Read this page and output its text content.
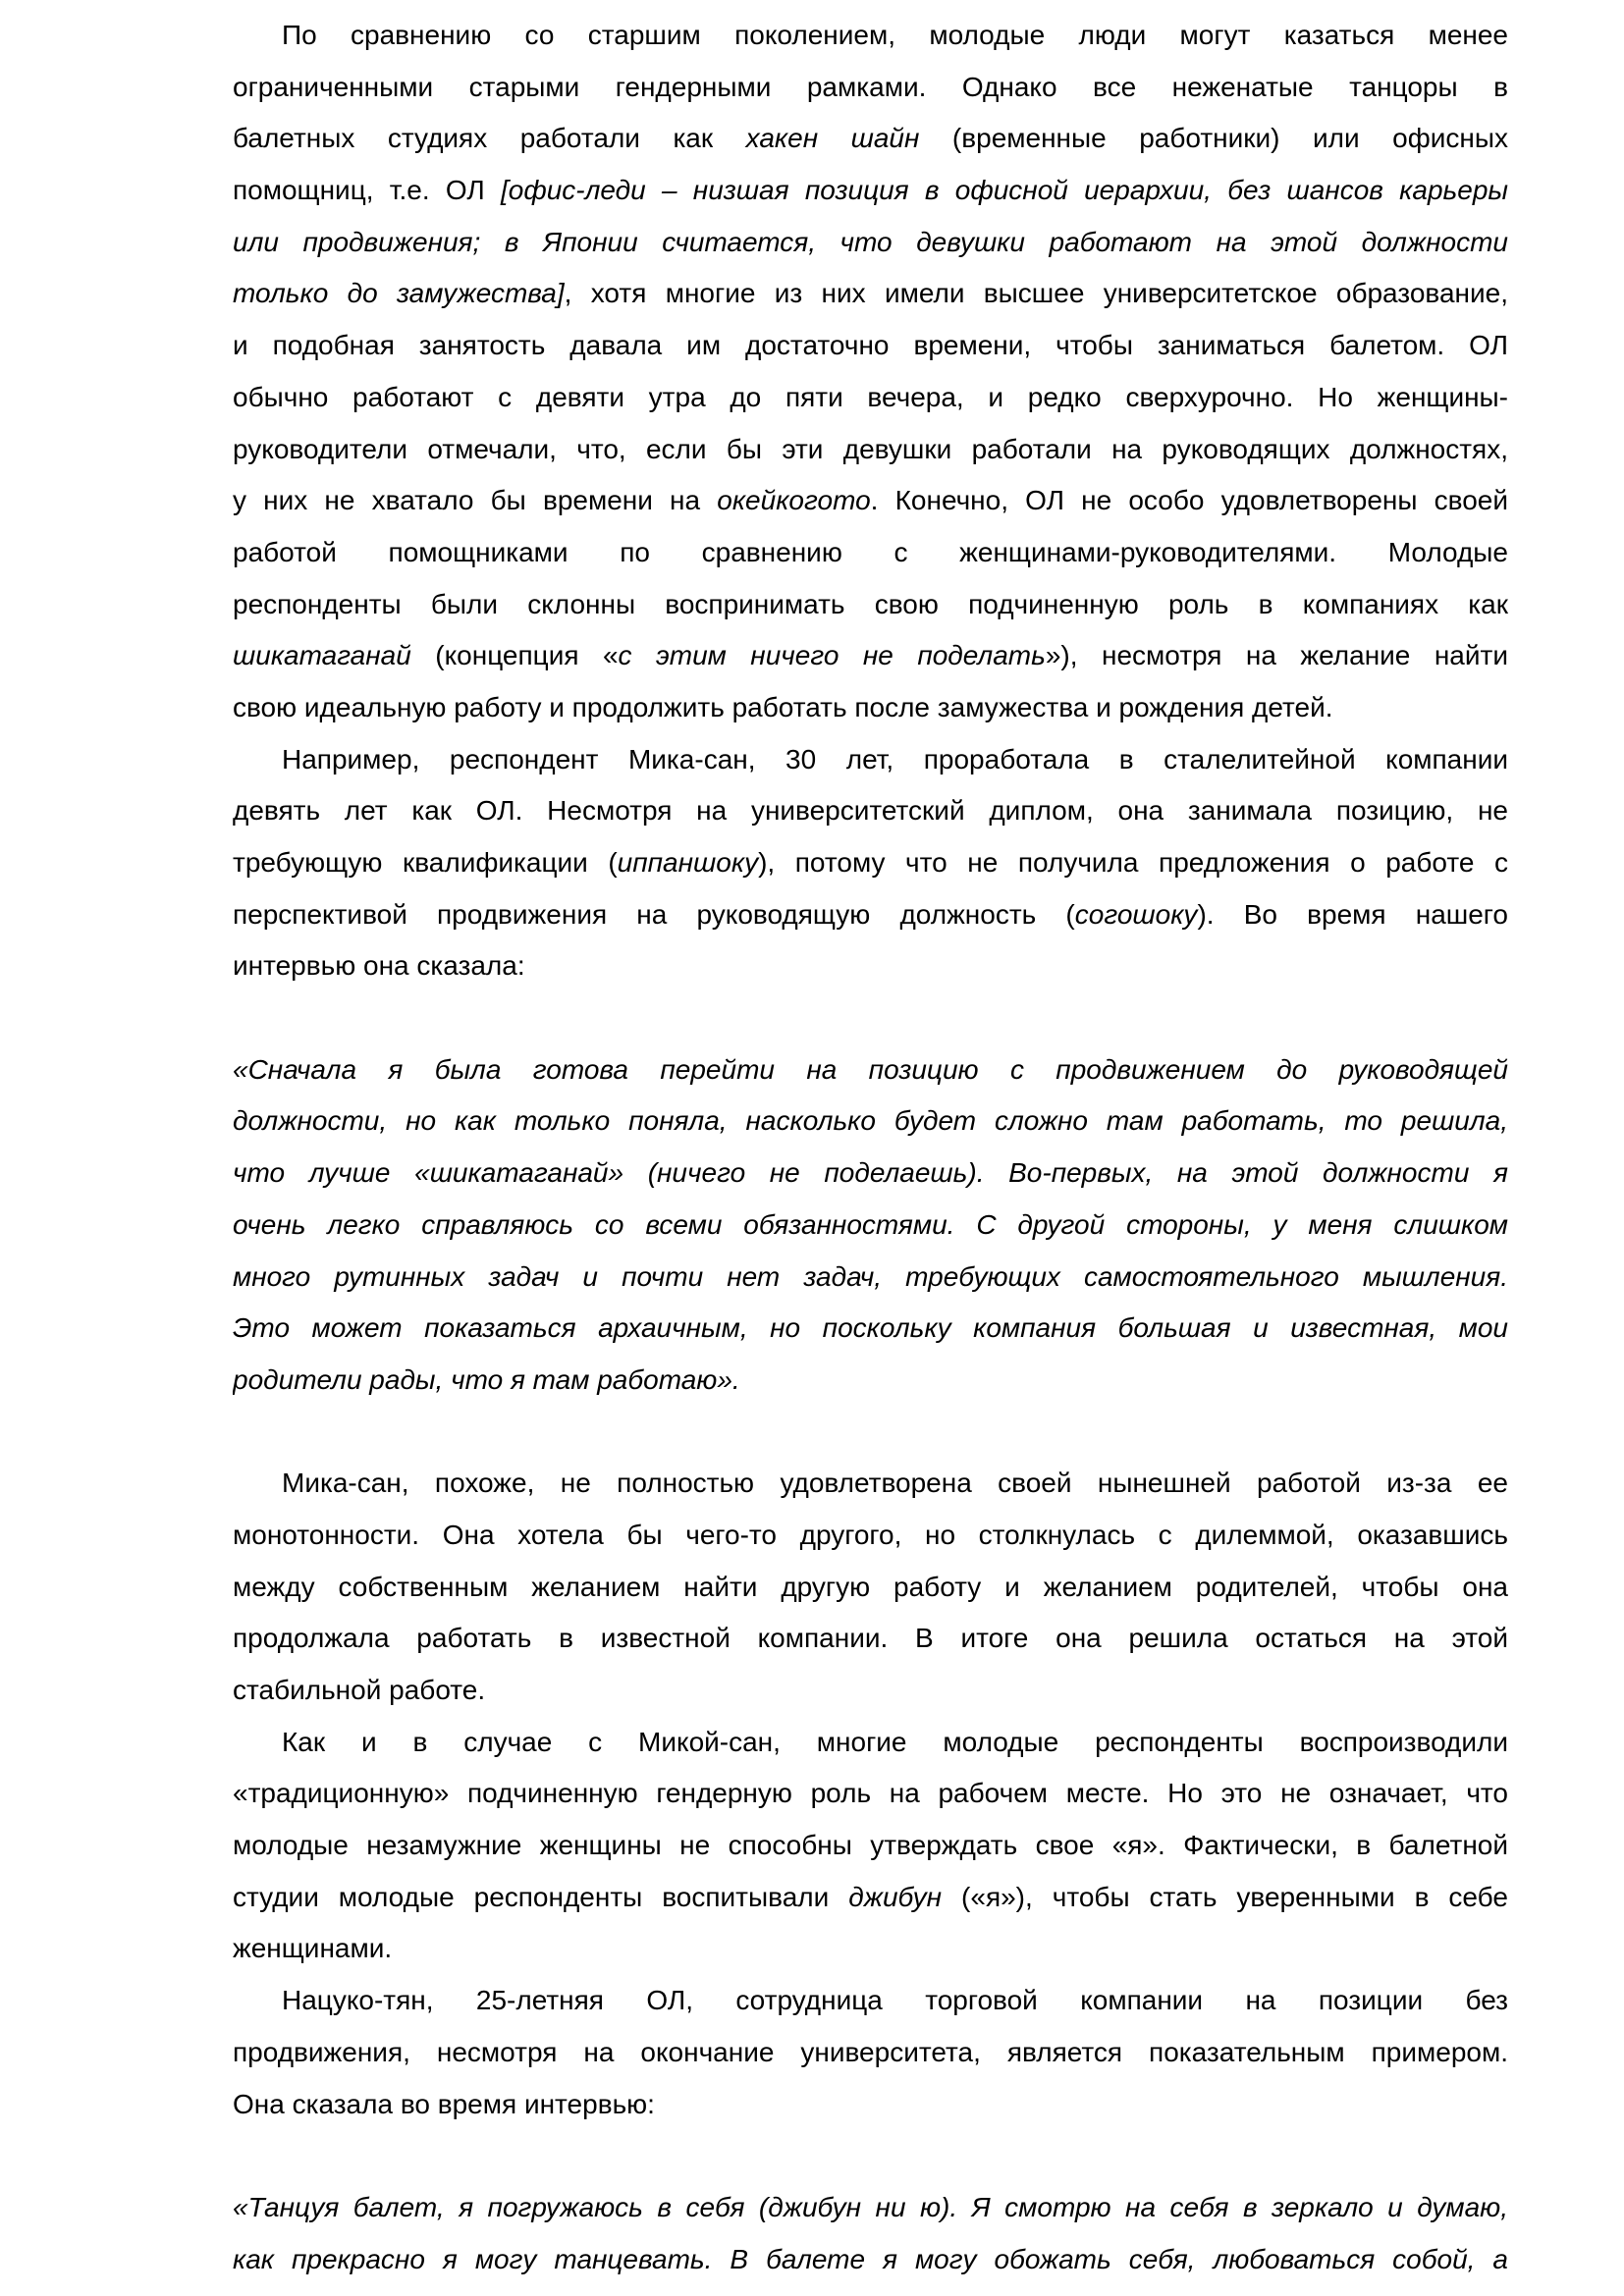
По сравнению со старшим поколением, молодые люди могут казаться менее
ограниченными старыми гендерными рамками. Однако все неженатые танцоры в
балетных студиях работали как хакен шайн (временные работники) или офисных
помощниц, т.е. ОЛ [офис-леди – низшая позиция в офисной иерархии, без шансов карьеры
или продвижения; в Японии считается, что девушки работают на этой должности
только до замужества], хотя многие из них имели высшее университетское образование,
и подобная занятость давала им достаточно времени, чтобы заниматься балетом. ОЛ
обычно работают с девяти утра до пяти вечера, и редко сверхурочно. Но женщины-
руководители отмечали, что, если бы эти девушки работали на руководящих должностях,
у них не хватало бы времени на окейкогото. Конечно, ОЛ не особо удовлетворены своей
работой помощниками по сравнению с женщинами-руководителями. Молодые
респонденты были склонны воспринимать свою подчиненную роль в компаниях как
шикатаганай (концепция «с этим ничего не поделать»), несмотря на желание найти
свою идеальную работу и продолжить работать после замужества и рождения детей.
Например, респондент Мика-сан, 30 лет, проработала в сталелитейной компании
девять лет как ОЛ. Несмотря на университетский диплом, она занимала позицию, не
требующую квалификации (иппаншоку), потому что не получила предложения о работе с
перспективой продвижения на руководящую должность (согошоку). Во время нашего
интервью она сказала:
«Сначала я была готова перейти на позицию с продвижением до руководящей
должности, но как только поняла, насколько будет сложно там работать, то решила,
что лучше «шикатаганай» (ничего не поделаешь). Во-первых, на этой должности я
очень легко справляюсь со всеми обязанностями. С другой стороны, у меня слишком
много рутинных задач и почти нет задач, требующих самостоятельного мышления.
Это может показаться архаичным, но поскольку компания большая и известная, мои
родители рады, что я там работаю».
Мика-сан, похоже, не полностью удовлетворена своей нынешней работой из-за ее
монотонности. Она хотела бы чего-то другого, но столкнулась с дилеммой, оказавшись
между собственным желанием найти другую работу и желанием родителей, чтобы она
продолжала работать в известной компании. В итоге она решила остаться на этой
стабильной работе.
Как и в случае с Микой-сан, многие молодые респонденты воспроизводили
«традиционную» подчиненную гендерную роль на рабочем месте. Но это не означает, что
молодые незамужние женщины не способны утверждать свое «я». Фактически, в балетной
студии молодые респонденты воспитывали джибун («я»), чтобы стать уверенными в себе
женщинами.
Нацуко-тян, 25-летняя ОЛ, сотрудница торговой компании на позиции без
продвижения, несмотря на окончание университета, является показательным примером.
Она сказала во время интервью:
«Танцуя балет, я погружаюсь в себя (джибун ни ю). Я смотрю на себя в зеркало и думаю,
как прекрасно я могу танцевать. В балете я могу обожать себя, любоваться собой, а
